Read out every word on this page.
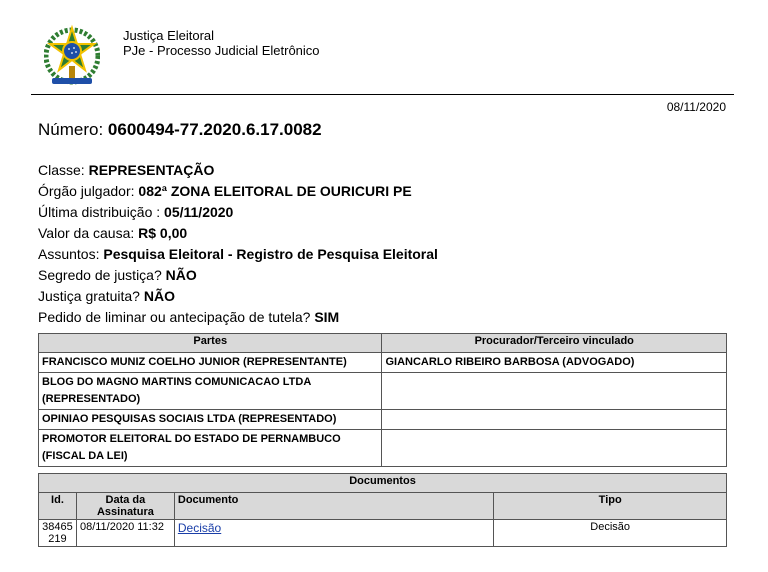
Justiça Eleitoral
PJe - Processo Judicial Eletrônico
08/11/2020
Número: 0600494-77.2020.6.17.0082
Classe: REPRESENTAÇÃO
Órgão julgador: 082ª ZONA ELEITORAL DE OURICURI PE
Última distribuição : 05/11/2020
Valor da causa: R$ 0,00
Assuntos: Pesquisa Eleitoral - Registro de Pesquisa Eleitoral
Segredo de justiça? NÃO
Justiça gratuita? NÃO
Pedido de liminar ou antecipação de tutela? SIM
Partes	Procurador/Terceiro vinculado
FRANCISCO MUNIZ COELHO JUNIOR (REPRESENTANTE)	GIANCARLO RIBEIRO BARBOSA (ADVOGADO)
BLOG DO MAGNO MARTINS COMUNICACAO LTDA (REPRESENTADO)	
OPINIAO PESQUISAS SOCIAIS LTDA (REPRESENTADO)	
PROMOTOR ELEITORAL DO ESTADO DE PERNAMBUCO (FISCAL DA LEI)	
Documentos			
Id.	Data da Assinatura	Documento	Tipo
38465219	08/11/2020 11:32	Decisão	Decisão
